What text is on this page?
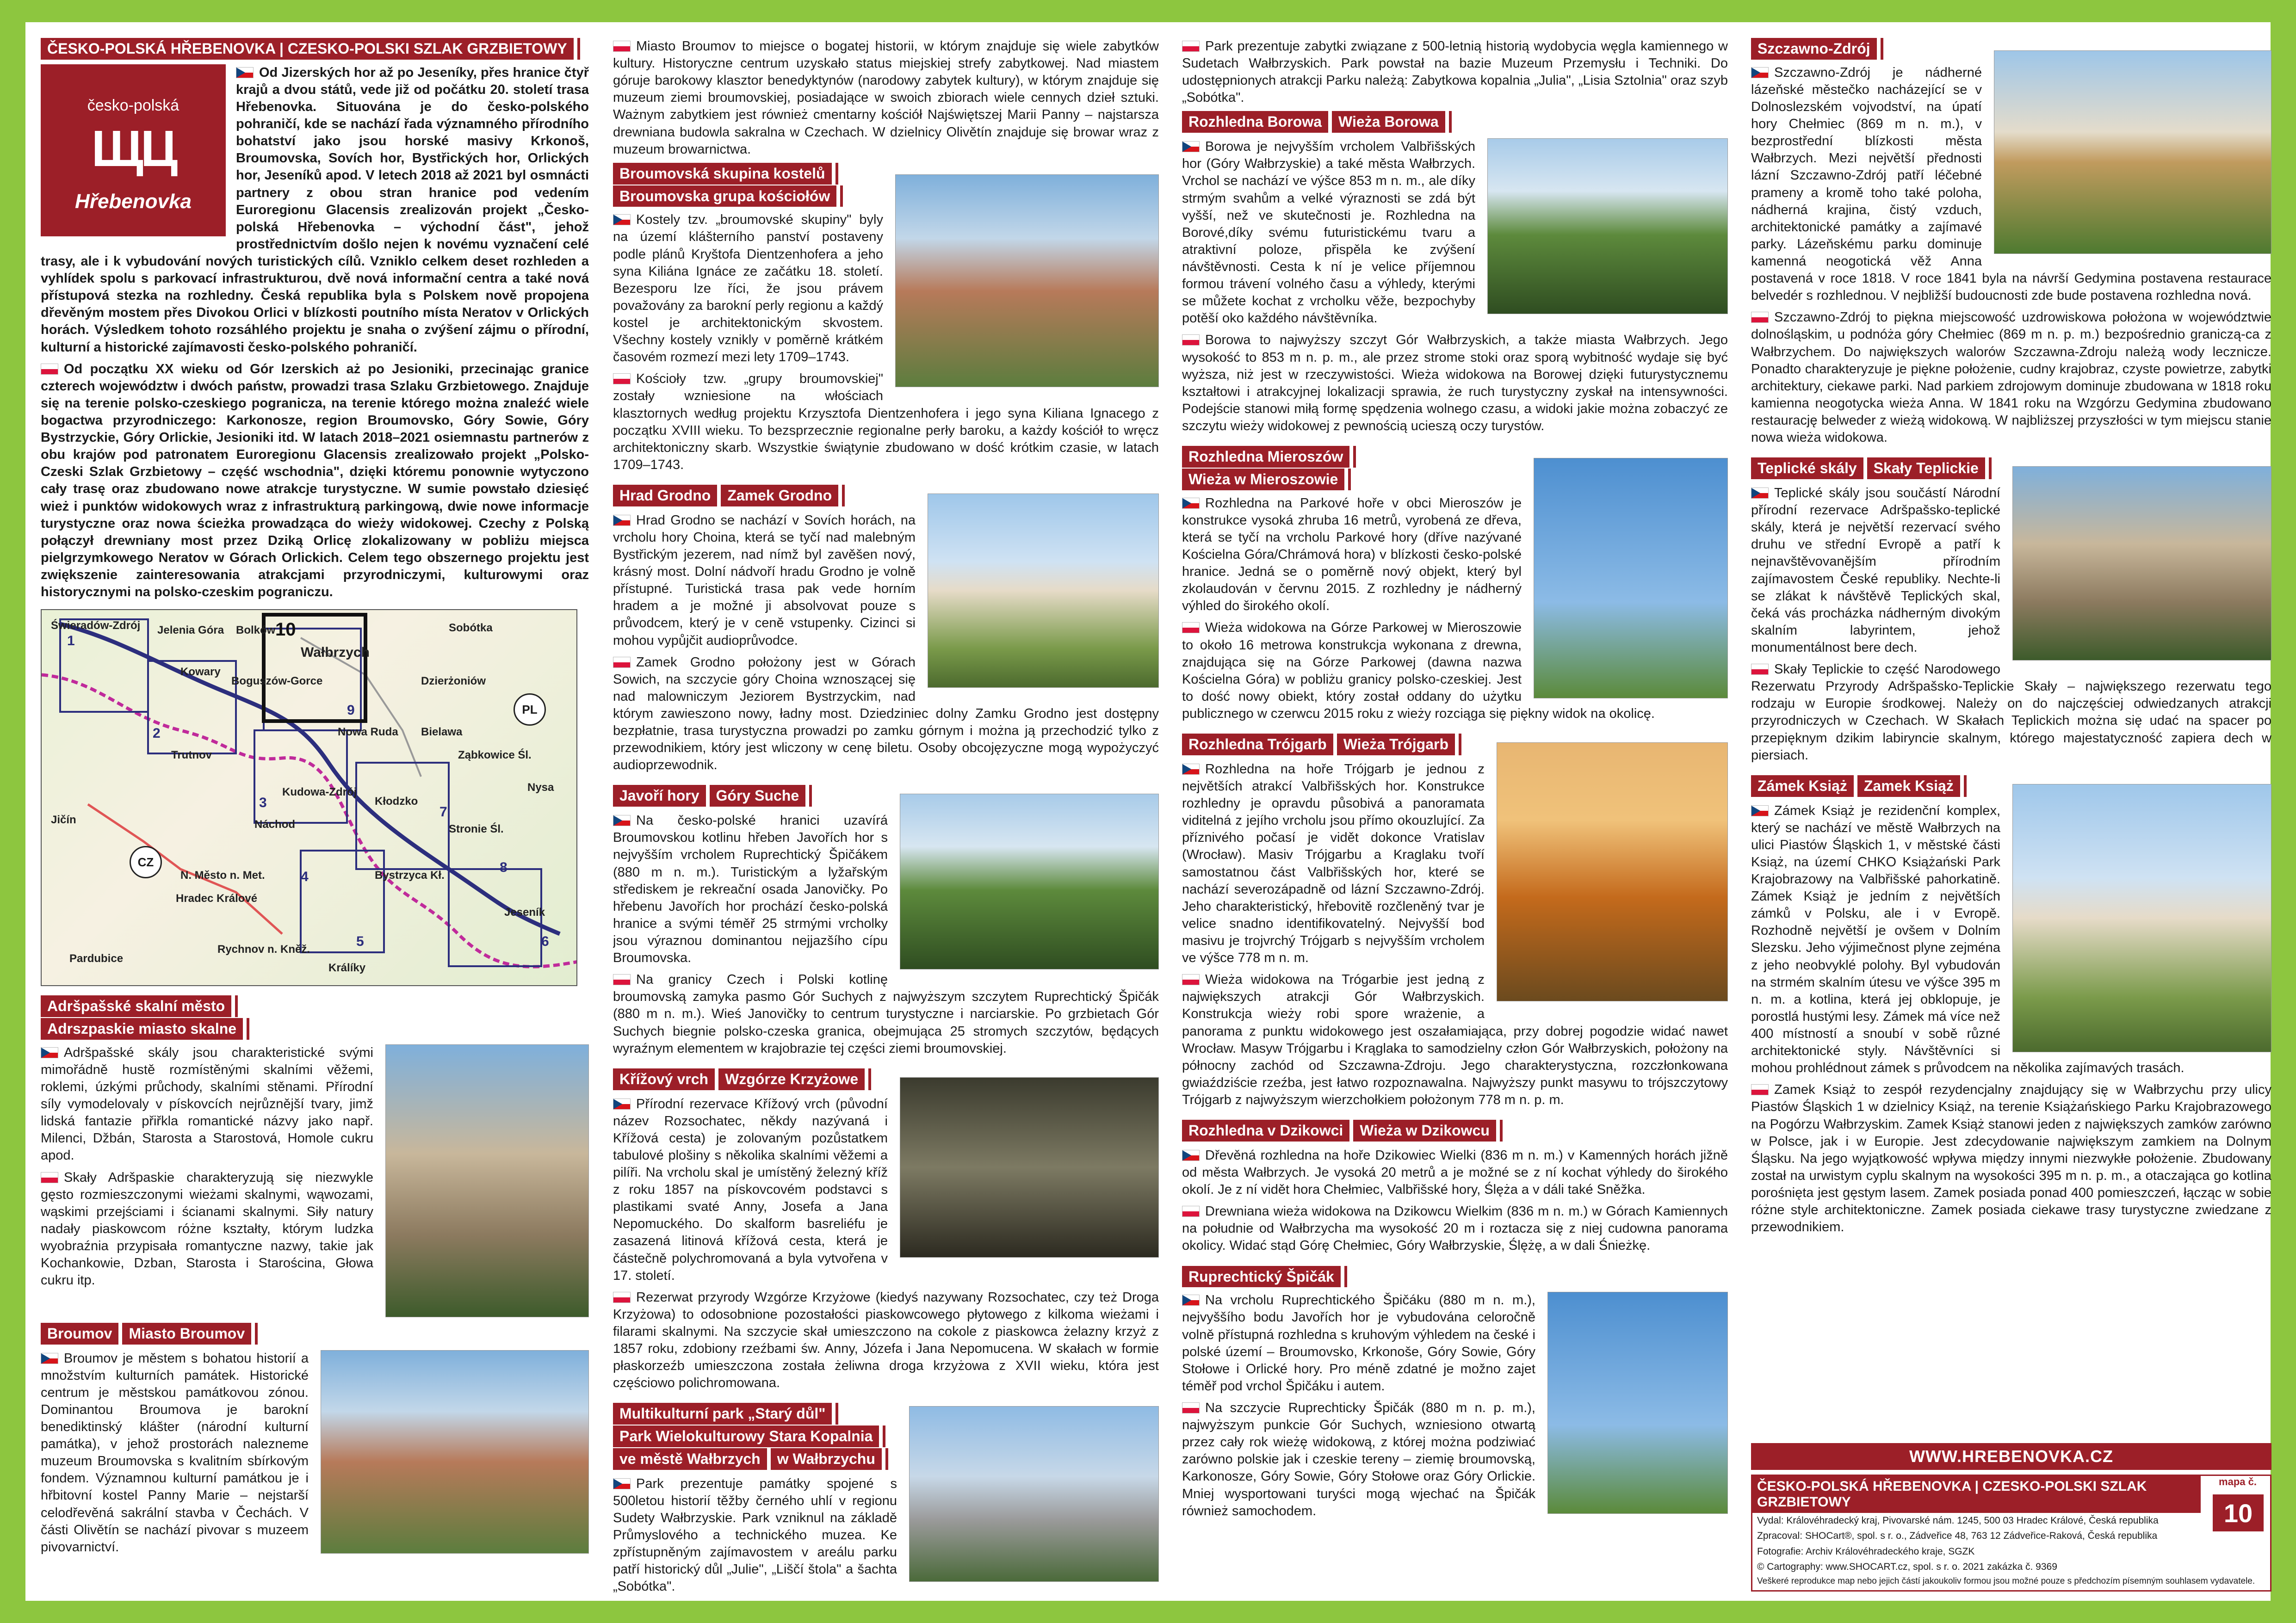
ČESKO-POLSKÁ HŘEBENOVKA | CZESKO-POLSKI SZLAK GRZBIETOWY
česko-polská
ЩЦ
Hřebenovka

Od Jizerských hor až po Jeseníky, přes hranice čtyř krajů a dvou států, vede již od počátku 20. století trasa Hřebenovka. Situována je do česko-polského pohraničí, kde se nachází řada významného přírodního bohatství jako jsou horské masivy Krkonoš, Broumovska, Sovích hor, Bystřických hor, Orlických hor, Jeseníků apod. V letech 2018 až 2021 byl osmnácti partnery z obou stran hranice pod vedením Euroregionu Glacensis zrealizován projekt „Česko-polská Hřebenovka – východní část", jehož prostřednictvím došlo nejen k novému vyznačení celé trasy, ale i k vybudování nových turistických cílů. Vzniklo celkem deset rozhleden a vyhlídek spolu s parkovací infrastrukturou, dvě nová informační centra a také nová přístupová stezka na rozhledny. Česká republika byla s Polskem nově propojena dřevěným mostem přes Divokou Orlici v blízkosti poutního místa Neratov v Orlických horách. Výsledkem tohoto rozsáhlého projektu je snaha o zvýšení zájmu o přírodní, kulturní a historické zajímavosti česko-polského pohraničí.

Od początku XX wieku od Gór Izerskich aż po Jesioniki, przecinając granice czterech województw i dwóch państw, prowadzi trasa Szlaku Grzbietowego. Znajduje się na terenie polsko-czeskiego pogranicza, na terenie którego można znaleźć wiele bogactwa przyrodniczego: Karkonosze, region Broumovsko, Góry Sowie, Góry Bystrzyckie, Góry Orlickie, Jesioniki itd. W latach 2018–2021 osiemnastu partnerów z obu krajów pod patronatem Euroregionu Glacensis zrealizowało projekt „Polsko-Czeski Szlak Grzbietowy – część wschodnia", dzięki któremu ponownie wytyczono cały trasę oraz zbudowano nowe atrakcje turystyczne. W sumie powstało dziesięć wież i punktów widokowych wraz z infrastrukturą parkingową, dwie nowe informacje turystyczne oraz nowa ścieżka prowadząca do wieży widokowej. Czechy z Polską połączył drewniany most przez Dziką Orlicę zlokalizowany w pobliżu miejsca pielgrzymkowego Neratov w Górach Orlickich. Celem tego obszernego projektu jest zwiększenie zainteresowania atrakcjami przyrodniczymi, kulturowymi oraz historycznymi na polsko-czeskim pograniczu.

Świeradów-Zdrój Jelenia Góra Bolków
Wałbrzych
Sobótka
Kowary
Boguszów-Gorce	Dzierżoniów
Trutnov
Nowa Ruda Bielawa
Ząbkowice Śl.
Jičín
Kudowa-Zdrój
Kłodzko
Náchod	Stronie Śl.
Nysa
Hradec Králové
Bystrzyca Kł.
Jeseník
Pardubice
Králíky
Rychnov n. Kněž.
N. Město n. Met.
1
2
3
4
5	6
7
8
9
10
PL
CZ
Adršpašské skalní město
Adrszpaskie miasto skalne

Adršpašské skály jsou charakteristické svými mimořádně hustě rozmístěnými skalními věžemi, roklemi, úzkými průchody, skalními stěnami. Přírodní síly vymodelovaly v pískovcích nejrůznější tvary, jimž lidská fantazie přiřkla romantické názvy jako např. Milenci, Džbán, Starosta a Starostová, Homole cukru apod.

Skały Adršpaskie charakteryzują się niezwykle gęsto rozmieszczonymi wieżami skalnymi, wąwozami, wąskimi przejściami i ścianami skalnymi. Siły natury nadały piaskowcom różne kształty, którym ludzka wyobraźnia przypisała romantyczne nazwy, takie jak Kochankowie, Dzban, Starosta i Starościna, Głowa cukru itp.

Broumov Miasto Broumov

Broumov je městem s bohatou historií a množstvím kulturních památek. Historické centrum je městskou památkovou zónou. Dominantou Broumova je barokní benediktinský klášter (národní kulturní památka), v jehož prostorách nalezneme muzeum Broumovska s kvalitním sbírkovým fondem. Významnou kulturní památkou je i hřbitovní kostel Panny Marie – nejstarší celodřevěná sakrální stavba v Čechách. V části Olivětín se nachází pivovar s muzeem pivovarnictví.

Miasto Broumov to miejsce o bogatej historii, w którym znajduje się wiele zabytków kultury. Historyczne centrum uzyskało status miejskiej strefy zabytkowej. Nad miastem góruje barokowy klasztor benedyktynów (narodowy zabytek kultury), w którym znajduje się muzeum ziemi broumovskiej, posiadające w swoich zbiorach wiele cennych dzieł sztuki. Ważnym zabytkiem jest również cmentarny kościół Najświętszej Marii Panny – najstarsza drewniana budowla sakralna w Czechach. W dzielnicy Olivětín znajduje się browar wraz z muzeum browarnictwa.

Broumovská skupina kostelů
Broumovska grupa kościołów

Kostely tzv. „broumovské skupiny" byly na území klášterního panství postaveny podle plánů Kryštofa Dientzenhofera a jeho syna Kiliána Ignáce ze začátku 18. století. Bezesporu lze říci, že jsou právem považovány za barokní perly regionu a každý kostel je architektonickým skvostem. Všechny kostely vznikly v poměrně krátkém časovém rozmezí mezi lety 1709–1743.

Kościoły tzw. „grupy broumovskiej" zostały wzniesione na włościach klasztornych według projektu Krzysztofa Dientzenhofera i jego syna Kiliana Ignacego z początku XVIII wieku. To bezsprzecznie regionalne perły baroku, a każdy kościół to wręcz architektoniczny skarb. Wszystkie świątynie zbudowano w dość krótkim czasie, w latach 1709–1743.

Hrad Grodno Zamek Grodno

Hrad Grodno se nachází v Sovích horách, na vrcholu hory Choina, která se tyčí nad malebným Bystřickým jezerem, nad nímž byl zavěšen nový, krásný most. Dolní nádvoří hradu Grodno je volně přístupné. Turistická trasa pak vede horním hradem a je možné ji absolvovat pouze s průvodcem, který je v ceně vstupenky. Cizinci si mohou vypůjčit audioprůvodce.

Zamek Grodno położony jest w Górach Sowich, na szczycie góry Choina wznoszącej się nad malowniczym Jeziorem Bystrzyckim, nad którym zawieszono nowy, ładny most. Dziedziniec dolny Zamku Grodno jest dostępny bezpłatnie, trasa turystyczna prowadzi po zamku górnym i można ją przechodzić tylko z przewodnikiem, który jest wliczony w cenę biletu. Osoby obcojęzyczne mogą wypożyczyć audioprzewodnik.

Javoří hory Góry Suche

Na česko-polské hranici uzavírá Broumovskou kotlinu hřeben Javořích hor s nejvyšším vrcholem Ruprechtický Špičákem (880 m n. m.). Turistickým a lyžařským střediskem je rekreační osada Janovičky. Po hřebenu Javořích hor prochází česko-polská hranice a svými téměř 25 strmými vrcholky jsou výraznou dominantou nejjazšího cípu Broumovska.

Na granicy Czech i Polski kotlinę broumovską zamyka pasmo Gór Suchych z najwyższym szczytem Ruprechtický Špičák (880 m n. m.). Wieś Janovičky to centrum turystyczne i narciarskie. Po grzbietach Gór Suchych biegnie polsko-czeska granica, obejmująca 25 stromych szczytów, będących wyraźnym elementem w krajobrazie tej części ziemi broumovskiej.

Křížový vrch Wzgórze Krzyżowe

Přírodní rezervace Křížový vrch (původní název Rozsochatec, někdy nazývaná i Křížová cesta) je zolovaným pozůstatkem tabulové plošiny s několika skalními věžemi a pilíři. Na vrcholu skal je umístěný železný kříž z roku 1857 na pískovcovém podstavci s plastikami svaté Anny, Josefa a Jana Nepomuckého. Do skalform basreliéfu je zasazená litinová křížová cesta, která je částečně polychromovaná a byla vytvořena v 17. století.

Rezerwat przyrody Wzgórze Krzyżowe (kiedyś nazywany Rozsochatec, czy też Droga Krzyżowa) to odosobnione pozostałości piaskowcowego płytowego z kilkoma wieżami i filarami skalnymi. Na szczycie skał umieszczono na cokole z piaskowca żelazny krzyż z 1857 roku, zdobiony rzeźbami św. Anny, Józefa i Jana Nepomucena. W skałach w formie płaskorzeźb umieszczona została żeliwna droga krzyżowa z XVII wieku, która jest częściowo polichromowana.

Multikulturní park „Starý důl"
Park Wielokulturowy Stara Kopalnia
ve městě Wałbrzych w Wałbrzychu

Park prezentuje památky spojené s 500letou historií těžby černého uhlí v regionu Sudety Wałbrzyskie. Park vzniknul na základě Průmyslového a technického muzea. Ke zpřístupněným zajímavostem v areálu parku patří historický důl „Julie", „Liščí štola" a šachta „Sobótka".

Park prezentuje zabytki związane z 500-letnią historią wydobycia węgla kamiennego w Sudetach Wałbrzyskich. Park powstał na bazie Muzeum Przemysłu i Techniki. Do udostępnionych atrakcji Parku należą: Zabytkowa kopalnia „Julia", „Lisia Sztolnia" oraz szyb „Sobótka".

Rozhledna Borowa Wieża Borowa

Borowa je nejvyšším vrcholem Valbřišských hor (Góry Wałbrzyskie) a také města Wałbrzych. Vrchol se nachází ve výšce 853 m n. m., ale díky strmým svahům a velké výraznosti se zdá být vyšší, než ve skutečnosti je. Rozhledna na Borové,díky svému futuristickému tvaru a atraktivní poloze, přispěla ke zvýšení návštěvnosti. Cesta k ní je velice příjemnou formou trávení volného času a výhledy, kterými se můžete kochat z vrcholku věže, bezpochyby potěší oko každého návštěvníka.

Borowa to najwyższy szczyt Gór Wałbrzyskich, a także miasta Wałbrzych. Jego wysokość to 853 m n. p. m., ale przez strome stoki oraz sporą wybitność wydaje się być wyższa, niż jest w rzeczywistości. Wieża widokowa na Borowej dzięki futurystycznemu kształtowi i atrakcyjnej lokalizacji sprawia, że ruch turystyczny zyskał na intensywności. Podejście stanowi miłą formę spędzenia wolnego czasu, a widoki jakie można zobaczyć ze szczytu wieży widokowej z pewnością ucieszą oczy turystów.

Rozhledna Mieroszów
Wieża w Mieroszowie

Rozhledna na Parkové hoře v obci Mieroszów je konstrukce vysoká zhruba 16 metrů, vyrobená ze dřeva, která se tyčí na vrcholu Parkové hory (dříve nazývané Kościelna Góra/Chrámová hora) v blízkosti česko-polské hranice. Jedná se o poměrně nový objekt, který byl zkolaudován v červnu 2015. Z rozhledny je nádherný výhled do širokého okolí.

Wieża widokowa na Górze Parkowej w Mieroszowie to około 16 metrowa konstrukcja wykonana z drewna, znajdująca się na Górze Parkowej (dawna nazwa Kościelna Góra) w pobliżu granicy polsko-czeskiej. Jest to dość nowy obiekt, który został oddany do użytku publicznego w czerwcu 2015 roku z wieży rozciąga się piękny widok na okolicę.

Rozhledna Trójgarb Wieża Trójgarb

Rozhledna na hoře Trójgarb je jednou z největších atrakcí Valbřišských hor. Konstrukce rozhledny je opravdu působivá a panoramata viditelná z jejího vrcholu jsou přímo okouzlující. Za příznivého počasí je vidět dokonce Vratislav (Wrocław). Masiv Trójgarbu a Kraglaku tvoří samostatnou část Valbřišských hor, které se nachází severozápadně od lázní Szczawno-Zdrój. Jeho charakteristický, hřebovitě rozčleněný tvar je velice snadno identifikovatelný. Nejvyšší bod masivu je trojvrchý Trójgarb s nejvyšším vrcholem ve výšce 778 m n. m.

Wieża widokowa na Trógarbie jest jedną z największych atrakcji Gór Wałbrzyskich. Konstrukcja wieży robi spore wrażenie, a panorama z punktu widokowego jest oszałamiająca, przy dobrej pogodzie widać nawet Wrocław. Masyw Trójgarbu i Krąglaka to samodzielny człon Gór Wałbrzyskich, położony na północny zachód od Szczawna-Zdroju. Jego charakterystyczna, rozczłonkowana gwiaździście rzeźba, jest łatwo rozpoznawalna. Najwyższy punkt masywu to trójszczytowy Trójgarb z najwyższym wierzchołkiem położonym 778 m n. p. m.

Rozhledna v Dzikowci Wieża w Dzikowcu

Dřevěná rozhledna na hoře Dzikowiec Wielki (836 m n. m.) v Kamenných horách jižně od města Wałbrzych. Je vysoká 20 metrů a je možné se z ní kochat výhledy do širokého okolí. Je z ní vidět hora Chełmiec, Valbřišské hory, Ślęża a v dáli také Sněžka.

Drewniana wieża widokowa na Dzikowcu Wielkim (836 m n. m.) w Górach Kamiennych na południe od Wałbrzycha ma wysokość 20 m i roztacza się z niej cudowna panorama okolicy. Widać stąd Górę Chełmiec, Góry Wałbrzyskie, Ślężę, a w dali Śnieżkę.

Ruprechtický Špičák

Na vrcholu Ruprechtického Špičáku (880 m n. m.), nejvyššího bodu Javořích hor je vybudována celoročně volně přístupná rozhledna s kruhovým výhledem na české i polské území – Broumovsko, Krkonoše, Góry Sowie, Góry Stołowe i Orlické hory. Pro méně zdatné je možno zajet téměř pod vrchol Špičáku i autem.

Na szczycie Ruprechticky Špičák (880 m n. p. m.), najwyższym punkcie Gór Suchych, wzniesiono otwartą przez cały rok wieżę widokową, z której można podziwiać zarówno polskie jak i czeskie tereny – ziemię broumovską, Karkonosze, Góry Sowie, Góry Stołowe oraz Góry Orlickie. Mniej wysportowani turyści mogą wjechać na Špičák również samochodem.

Szczawno-Zdrój

Szczawno-Zdrój je nádherné lázeňské městečko nacházející se v Dolnoslezském vojvodství, na úpatí hory Chełmiec (869 m n. m.), v bezprostřední blízkosti města Wałbrzych. Mezi největší přednosti lázní Szczawno-Zdrój patří léčebné prameny a kromě toho také poloha, nádherná krajina, čistý vzduch, architektonické památky a zajímavé parky. Lázeňskému parku dominuje kamenná neogotická věž Anna postavená v roce 1818. V roce 1841 byla na návrší Gedymina postavena restaurace belvedér s rozhlednou. V nejbližší budoucnosti zde bude postavena rozhledna nová.

Szczawno-Zdrój to piękna miejscowość uzdrowiskowa położona w województwie dolnośląskim, u podnóża góry Chełmiec (869 m n. p. m.) bezpośrednio graniczą-ca z Wałbrzychem. Do największych walorów Szczawna-Zdroju należą wody lecznicze. Ponadto charakteryzuje je piękne położenie, cudny krajobraz, czyste powietrze, zabytki architektury, ciekawe parki. Nad parkiem zdrojowym dominuje zbudowana w 1818 roku kamienna neogotycka wieża Anna. W 1841 roku na Wzgórzu Gedymina zbudowano restaurację belweder z wieżą widokową. W najbliższej przyszłości w tym miejscu stanie nowa wieża widokowa.

Teplické skály Skały Teplickie

Teplické skály jsou součástí Národní přírodní rezervace Adršpašsko-teplické skály, která je největší rezervací svého druhu ve střední Evropě a patří k nejnavštěvovanějším přírodním zajímavostem České republiky. Nechte-li se zlákat k návštěvě Teplických skal, čeká vás procházka nádherným divokým skalním labyrintem, jehož monumentálnost bere dech.

Skały Teplickie to część Narodowego Rezerwatu Przyrody Adršpašsko-Teplickie Skały – największego rezerwatu tego rodzaju w Europie środkowej. Należy on do najczęściej odwiedzanych atrakcji przyrodniczych w Czechach. W Skałach Teplickich można się udać na spacer po przepięknym dzikim labiryncie skalnym, którego majestatyczność zapiera dech w piersiach.

Zámek Książ Zamek Książ

Zámek Książ je rezidenční komplex, který se nachází ve městě Wałbrzych na ulici Piastów Śląskich 1, v městské části Książ, na území CHKO Książański Park Krajobrazowy na Valbřišské pahorkatině. Zámek Książ je jedním z největších zámků v Polsku, ale i v Evropě. Rozhodně největší je ovšem v Dolním Slezsku. Jeho výjimečnost plyne zejména z jeho neobvyklé polohy. Byl vybudován na strmém skalním útesu ve výšce 395 m n. m. a kotlina, která jej obklopuje, je porostlá hustými lesy. Zámek má více než 400 místností a snoubí v sobě různé architektonické styly. Návštěvníci si mohou prohlédnout zámek s průvodcem na několika zajímavých trasách.

Zamek Książ to zespół rezydencjalny znajdujący się w Wałbrzychu przy ulicy Piastów Śląskich 1 w dzielnicy Książ, na terenie Książańskiego Parku Krajobrazowego na Pogórzu Wałbrzyskim. Zamek Książ stanowi jeden z największych zamków zarówno w Polsce, jak i w Europie. Jest zdecydowanie największym zamkiem na Dolnym Śląsku. Na jego wyjątkowość wpływa między innymi niezwykłe położenie. Zbudowany został na urwistym cyplu skalnym na wysokości 395 m n. p. m., a otaczająca go kotlina porośnięta jest gęstym lasem. Zamek posiada ponad 400 pomieszczeń, łącząc w sobie różne style architektoniczne. Zamek posiada ciekawe trasy turystyczne zwiedzane z przewodnikiem.

WWW.HREBENOVKA.CZ
ČESKO-POLSKÁ HŘEBENOVKA | CZESKO-POLSKI SZLAK GRZBIETOWY
mapa č.
10
Vydal: Královéhradecký kraj, Pivovarské nám. 1245, 500 03 Hradec Králové, Česká republika
Zpracoval: SHOCart®, spol. s r. o., Zádveřice 48, 763 12 Zádveřice-Raková, Česká republika
Fotografie: Archiv Královéhradeckého kraje, SGZK
© Cartography: www.SHOCART.cz, spol. s r. o. 2021 zakázka č. 9369
Veškeré reprodukce map nebo jejich částí jakoukoliv formou jsou možné pouze s předchozím písemným souhlasem vydavatele.
